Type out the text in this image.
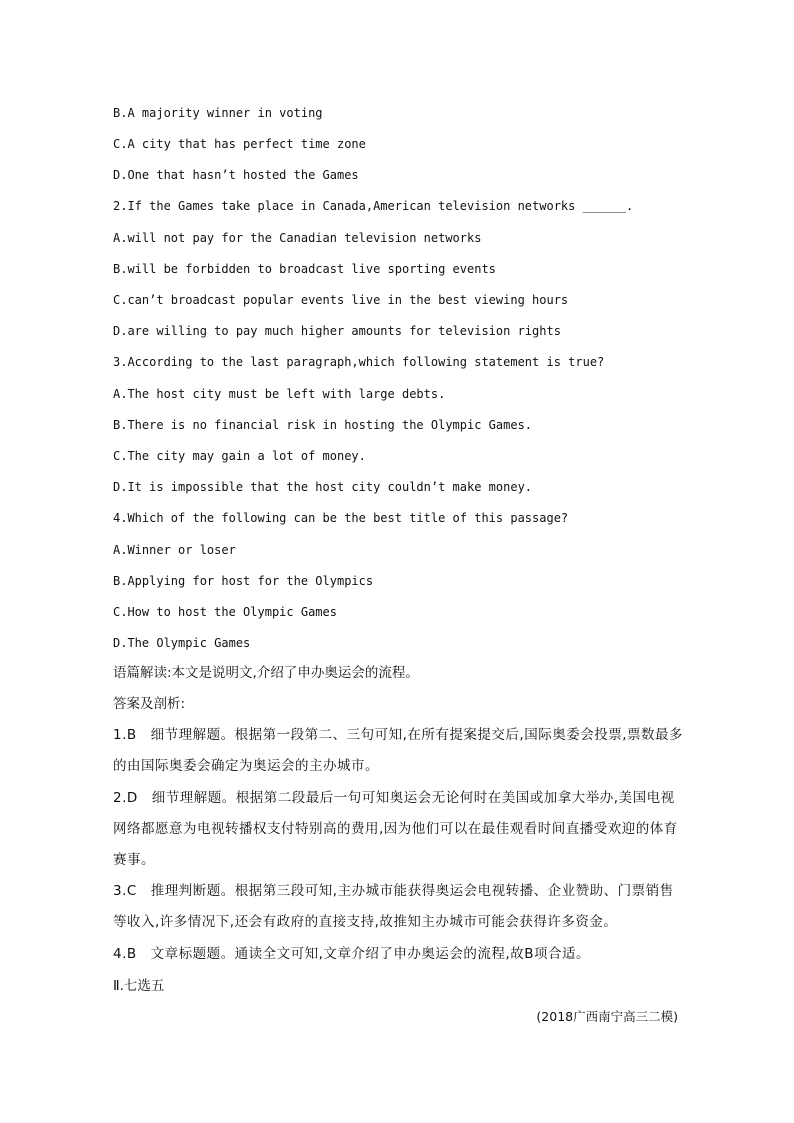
B.A majority winner in voting
C.A city that has perfect time zone
D.One that hasn’t hosted the Games
2.If the Games take place in Canada,American television networks ______.
A.will not pay for the Canadian television networks
B.will be forbidden to broadcast live sporting events
C.can’t broadcast popular events live in the best viewing hours
D.are willing to pay much higher amounts for television rights
3.According to the last paragraph,which following statement is true?
A.The host city must be left with large debts.
B.There is no financial risk in hosting the Olympic Games.
C.The city may gain a lot of money.
D.It is impossible that the host city couldn’t make money.
4.Which of the following can be the best title of this passage?
A.Winner or loser
B.Applying for host for the Olympics
C.How to host the Olympic Games
D.The Olympic Games
语篇解读:本文是说明文,介绍了申办奥运会的流程。
答案及剖析:
1.B　细节理解题。根据第一段第二、三句可知,在所有提案提交后,国际奥委会投票,票数最多的由国际奥委会确定为奥运会的主办城市。
2.D　细节理解题。根据第二段最后一句可知奥运会无论何时在美国或加拿大举办,美国电视网络都愿意为电视转播权支付特别高的费用,因为他们可以在最佳观看时间直播受欢迎的体育赛事。
3.C　推理判断题。根据第三段可知,主办城市能获得奥运会电视转播、企业赞助、门票销售等收入,许多情况下,还会有政府的直接支持,故推知主办城市可能会获得许多资金。
4.B　文章标题题。通读全文可知,文章介绍了申办奥运会的流程,故B项合适。
Ⅱ.七选五
(2018广西南宁高三二模)
